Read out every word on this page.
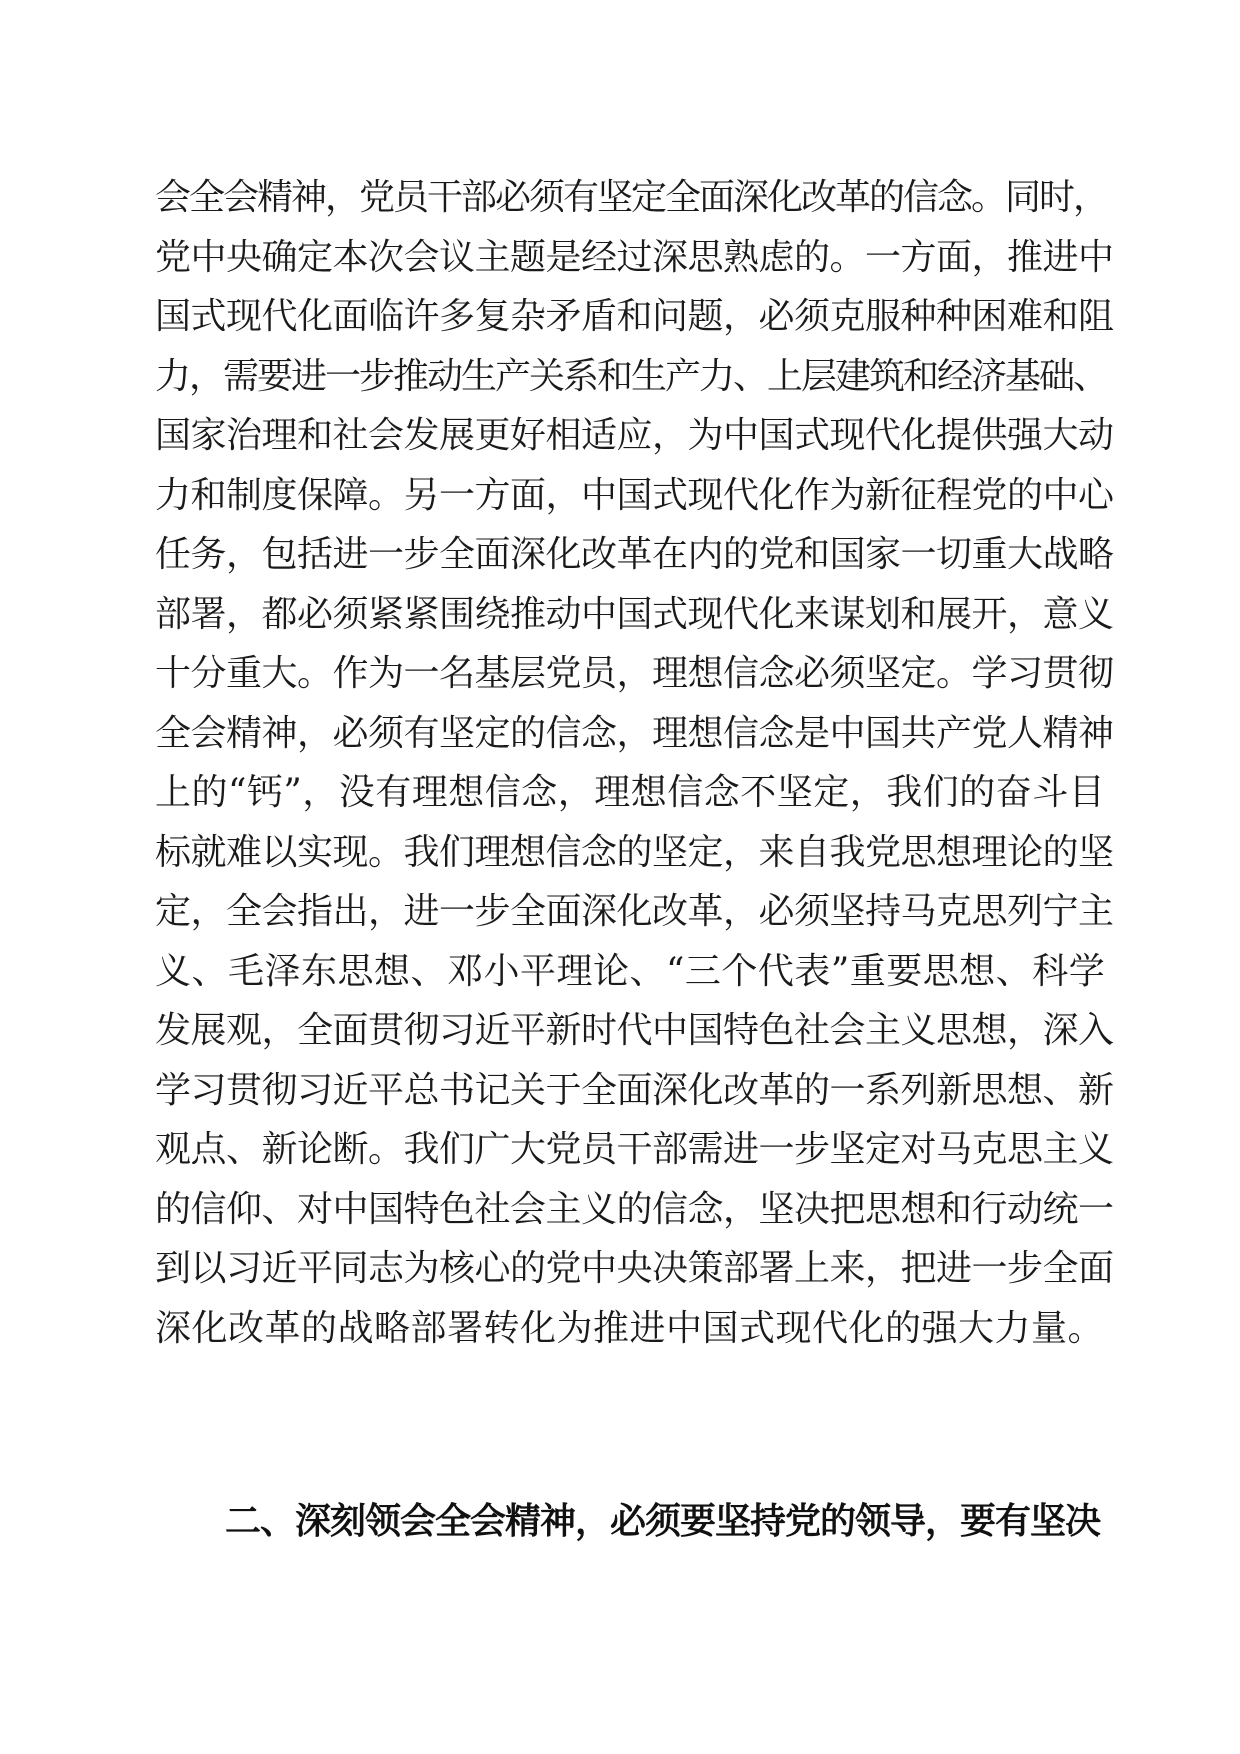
会全会精神，党员干部必须有坚定全面深化改革的信念。同时，
党中央确定本次会议主题是经过深思熟虑的。一方面，推进中
国式现代化面临许多复杂矛盾和问题，必须克服种种困难和阻
力，需要进一步推动生产关系和生产力、上层建筑和经济基础、
国家治理和社会发展更好相适应，为中国式现代化提供强大动
力和制度保障。另一方面，中国式现代化作为新征程党的中心
任务，包括进一步全面深化改革在内的党和国家一切重大战略
部署，都必须紧紧围绕推动中国式现代化来谋划和展开，意义
十分重大。作为一名基层党员，理想信念必须坚定。学习贯彻
全会精神，必须有坚定的信念，理想信念是中国共产党人精神
上的“钙”，没有理想信念，理想信念不坚定，我们的奋斗目
标就难以实现。我们理想信念的坚定，来自我党思想理论的坚
定，全会指出，进一步全面深化改革，必须坚持马克思列宁主
义、毛泽东思想、邓小平理论、“三个代表”重要思想、科学
发展观，全面贯彻习近平新时代中国特色社会主义思想，深入
学习贯彻习近平总书记关于全面深化改革的一系列新思想、新
观点、新论断。我们广大党员干部需进一步坚定对马克思主义
的信仰、对中国特色社会主义的信念，坚决把思想和行动统一
到以习近平同志为核心的党中央决策部署上来，把进一步全面
深化改革的战略部署转化为推进中国式现代化的强大力量。
二、深刻领会全会精神，必须要坚持党的领导，要有坚决
